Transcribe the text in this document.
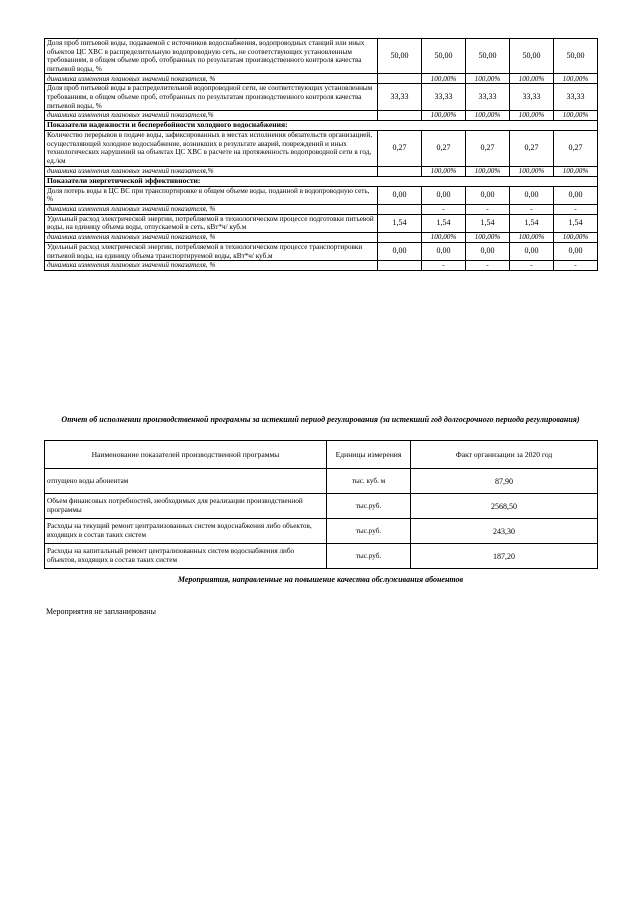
Доля проб питьевой воды, подаваемой с источников водоснабжения, водопроводных станций или иных объектов ЦС ХВС в распределительную водопроводную сеть, не соответствующих установленным требованиям, в общем объеме проб, отобранных по результатам производственного контроля качества питьевой воды, %	50,00	50,00	50,00	50,00	50,00
динамика изменения плановых значений показателя, %		100,00%	100,00%	100,00%	100,00%
Доля проб питьевой воды в распределительной водопроводной сети, не соответствующих установленным требованиям, в общем объеме проб, отобранных по результатам производственного контроля качества питьевой воды, %	33,33	33,33	33,33	33,33	33,33
динамика изменения плановых значений показателя,%		100,00%	100,00%	100,00%	100,00%
Показатели надежности и бесперебойности холодного водоснабжения:					
Количество перерывов в подаче воды, зафиксированных в местах исполнения обязательств организацией, осуществляющей холодное водоснабжение, возникших в результате аварий, повреждений и иных технологических нарушений на объектах ЦС ХВС в расчете на протяженность водопроводной сети в год, ед./км	0,27	0,27	0,27	0,27	0,27
динамика изменения плановых значений показателя,%		100,00%	100,00%	100,00%	100,00%
Показатели энергетической эффективности:					
Доля потерь воды в ЦС ВС при транспортировке в общем объеме воды, поданной в водопроводную сеть, %	0,00	0,00	0,00	0,00	0,00
динамика изменения плановых значений показателя, %		-	-	-	-
Удельный расход электрической энергии, потребляемой в технологическом процессе подготовки питьевой воды, на единицу объема воды, отпускаемой в сеть, кВт*ч/ куб.м	1,54	1,54	1,54	1,54	1,54
динамика изменения плановых значений показателя, %		100,00%	100,00%	100,00%	100,00%
Удельный расход электрической энергии, потребляемой в технологическом процессе транспортировки питьевой воды, на единицу объема транспортируемой воды, кВт*ч/ куб.м	0,00	0,00	0,00	0,00	0,00
динамика изменения плановых значений показателя, %		-	-	-	-
Отчет об исполнении производственной программы за истекший период регулирования (за истекший год долгосрочного периода регулирования)
Наименование показателей производственной программы	Единицы измерения	Факт организации за 2020 год
отпущено воды абонентам	тыс. куб. м	87,90
Объем финансовых потребностей, необходимых для реализации производственной программы	тыс.руб.	2568,50
Расходы на текущий ремонт централизованных систем водоснабжения либо объектов, входящих в состав таких систем	тыс.руб.	243,30
Расходы на капитальный ремонт централизованных систем водоснабжения либо объектов, входящих в состав таких систем	тыс.руб.	187,20
Мероприятия, направленные на повышение качества обслуживания абонентов
Мероприятия не запланированы
